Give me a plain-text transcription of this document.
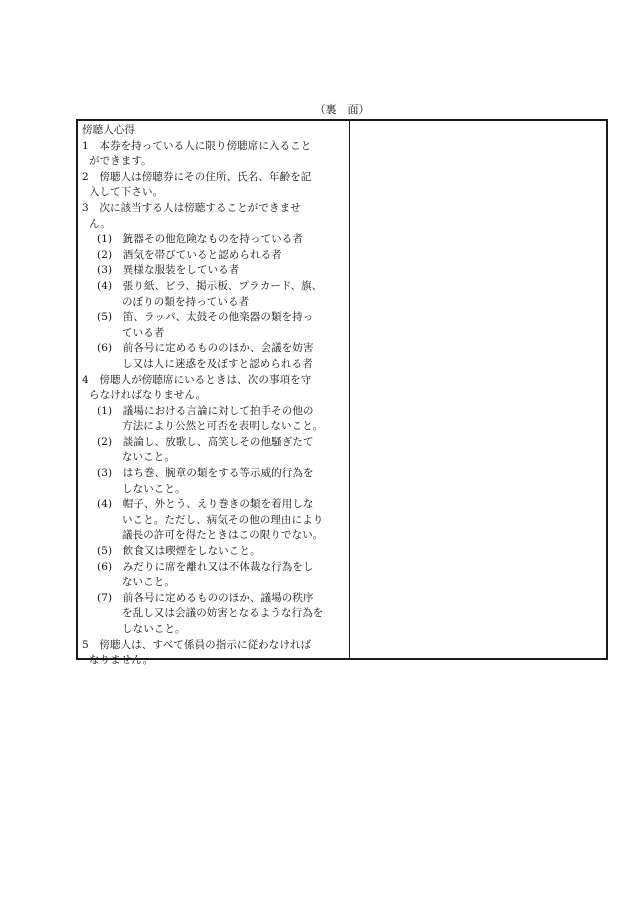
（裏　面）
傍聴人心得
1　本券を持っている人に限り傍聴席に入ること
ができます。
2　傍聴人は傍聴券にその住所、氏名、年齢を記
入して下さい。
3　次に該当する人は傍聴することができませ
ん。
(1)　銃器その他危険なものを持っている者
(2)　酒気を帯びていると認められる者
(3)　異様な服装をしている者
(4)　張り紙、ビラ、掲示板、プラカード、旗、
のぼりの類を持っている者
(5)　笛、ラッパ、太鼓その他楽器の類を持っ
ている者
(6)　前各号に定めるもののほか、会議を妨害
し又は人に迷惑を及ぼすと認められる者
4　傍聴人が傍聴席にいるときは、次の事項を守
らなければなりません。
(1)　議場における言論に対して拍手その他の
方法により公然と可否を表明しないこと。
(2)　談論し、放歌し、高笑しその他騒ぎたて
ないこと。
(3)　はち巻、腕章の類をする等示威的行為を
しないこと。
(4)　帽子、外とう、えり巻きの類を着用しな
いこと。ただし、病気その他の理由により
議長の許可を得たときはこの限りでない。
(5)　飲食又は喫煙をしないこと。
(6)　みだりに席を離れ又は不体裁な行為をし
ないこと。
(7)　前各号に定めるもののほか、議場の秩序
を乱し又は会議の妨害となるような行為を
しないこと。
5　傍聴人は、すべて係員の指示に従わなければ
なりません。
